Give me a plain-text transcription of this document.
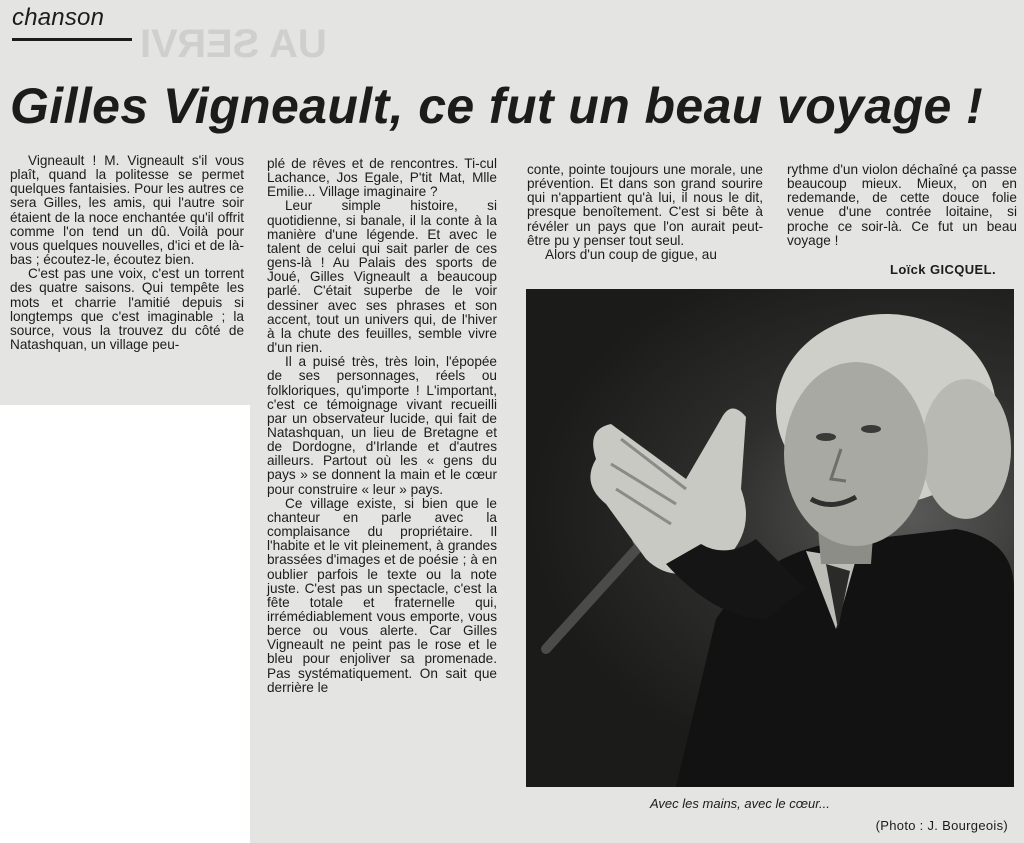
UA SERVI
chanson
Gilles Vigneault, ce fut un beau voyage !

Vigneault ! M. Vigneault s'il vous plaît, quand la politesse se permet quelques fantaisies. Pour les autres ce sera Gilles, les amis, qui l'autre soir étaient de la noce enchantée qu'il offrit comme l'on tend un dû. Voilà pour vous quelques nouvelles, d'ici et de là-bas ; écoutez-le, écoutez bien.

C'est pas une voix, c'est un torrent des quatre saisons. Qui tempête les mots et charrie l'amitié depuis si longtemps que c'est imaginable ; la source, vous la trouvez du côté de Natashquan, un village peu-

plé de rêves et de rencontres. Ti-cul Lachance, Jos Egale, P'tit Mat, Mlle Emilie... Village imaginaire ?

Leur simple histoire, si quotidienne, si banale, il la conte à la manière d'une légende. Et avec le talent de celui qui sait parler de ces gens-là ! Au Palais des sports de Joué, Gilles Vigneault a beaucoup parlé. C'était superbe de le voir dessiner avec ses phrases et son accent, tout un univers qui, de l'hiver à la chute des feuilles, semble vivre d'un rien.

Il a puisé très, très loin, l'épopée de ses personnages, réels ou folkloriques, qu'importe ! L'important, c'est ce témoignage vivant recueilli par un observateur lucide, qui fait de Natashquan, un lieu de Bretagne et de Dordogne, d'Irlande et d'autres ailleurs. Partout où les « gens du pays » se donnent la main et le cœur pour construire « leur » pays.

Ce village existe, si bien que le chanteur en parle avec la complaisance du propriétaire. Il l'habite et le vit pleinement, à grandes brassées d'images et de poésie ; à en oublier parfois le texte ou la note juste. C'est pas un spectacle, c'est la fête totale et fraternelle qui, irrémédiablement vous emporte, vous berce ou vous alerte. Car Gilles Vigneault ne peint pas le rose et le bleu pour enjoliver sa promenade. Pas systématiquement. On sait que derrière le

conte, pointe toujours une morale, une prévention. Et dans son grand sourire qui n'appartient qu'à lui, il nous le dit, presque benoîtement. C'est si bête à révéler un pays que l'on aurait peut-être pu y penser tout seul.

Alors d'un coup de gigue, au

rythme d'un violon déchaîné ça passe beaucoup mieux. Mieux, on en redemande, de cette douce folie venue d'une contrée loitaine, si proche ce soir-là. Ce fut un beau voyage !

Loïck GICQUEL.
Avec les mains, avec le cœur...
(Photo : J. Bourgeois)
